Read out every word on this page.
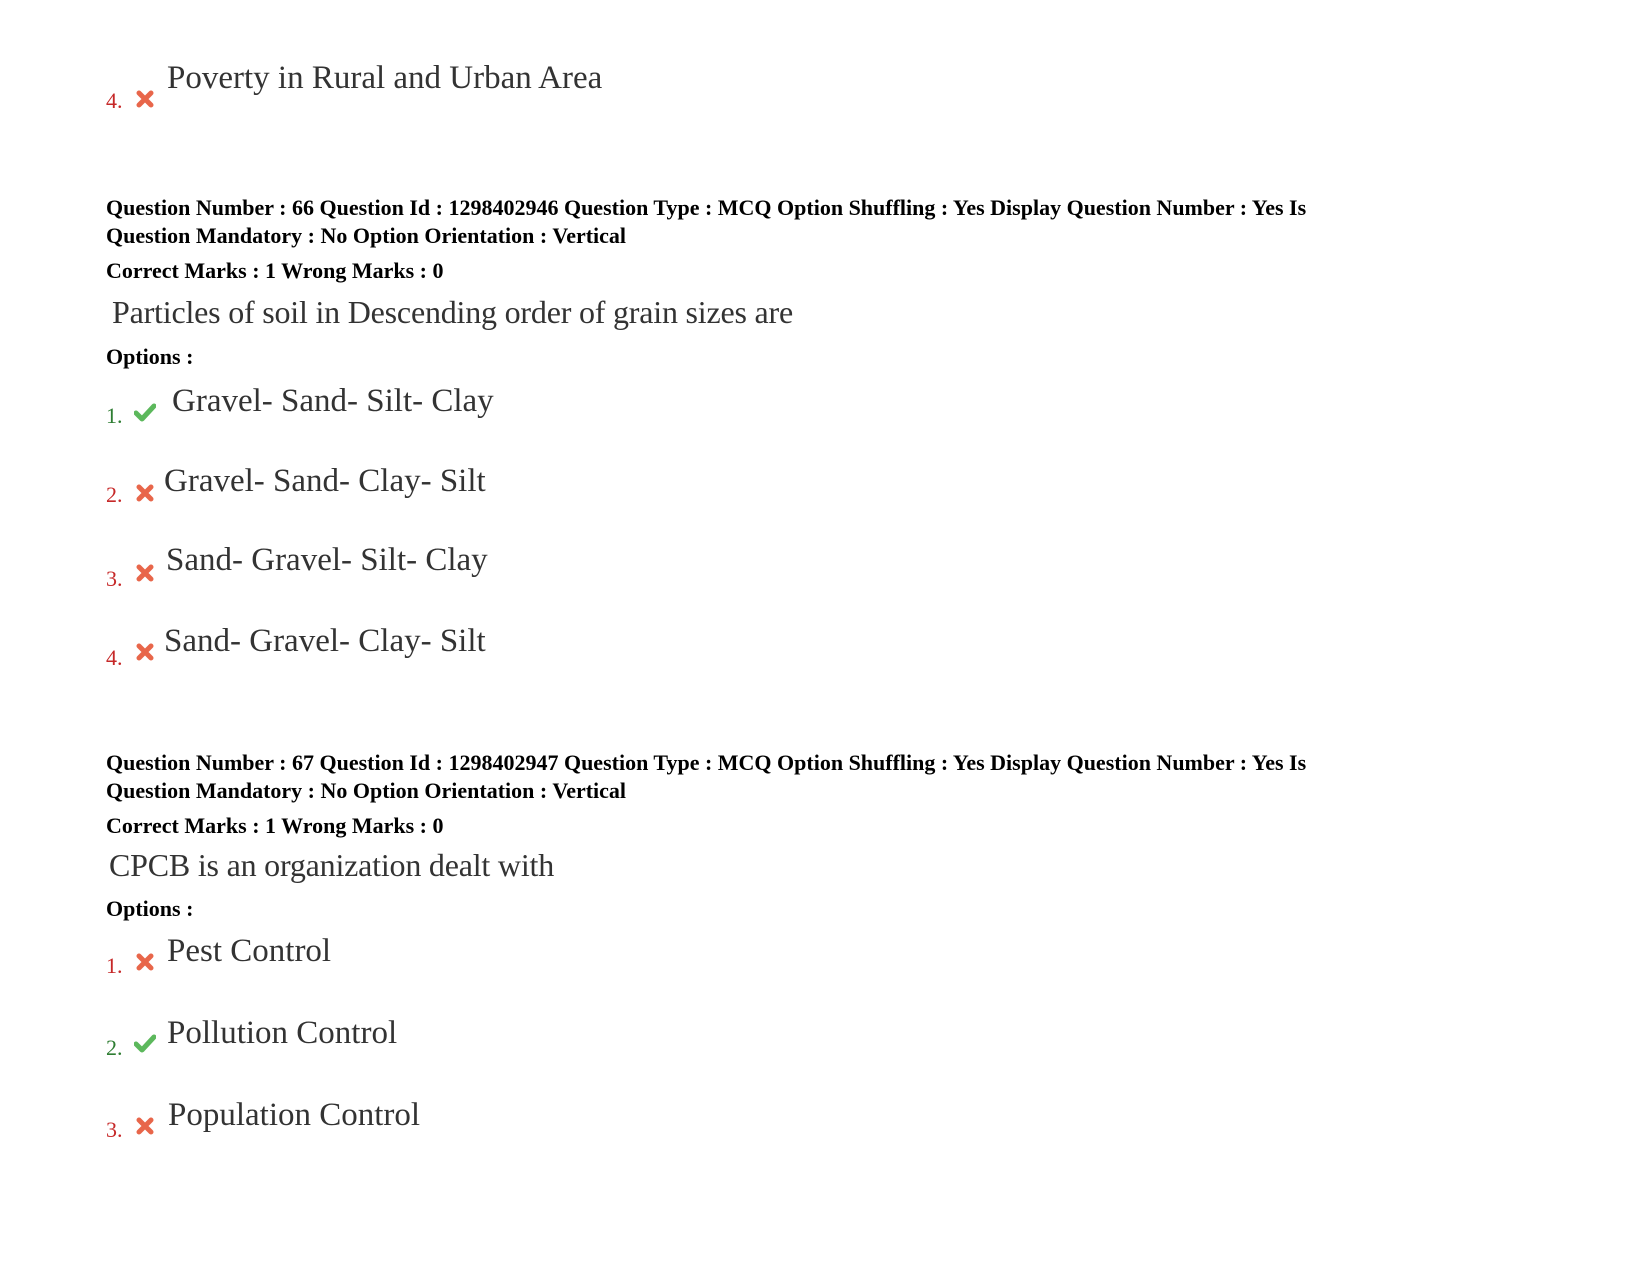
4.
Poverty in Rural and Urban Area
Question Number : 66 Question Id : 1298402946 Question Type : MCQ Option Shuffling : Yes Display Question Number : Yes Is
Question Mandatory : No Option Orientation : Vertical
Correct Marks : 1 Wrong Marks : 0
Particles of soil in Descending order of grain sizes are
Options :
1. Gravel- Sand- Silt- Clay
2. Gravel- Sand- Clay- Silt
3.
Sand- Gravel- Silt- Clay
4. Sand- Gravel- Clay- Silt
Question Number : 67 Question Id : 1298402947 Question Type : MCQ Option Shuffling : Yes Display Question Number : Yes Is
Question Mandatory : No Option Orientation : Vertical
Correct Marks : 1 Wrong Marks : 0
CPCB is an organization dealt with
Options :
1. Pest Control
2. Pollution Control
3. Population Control
